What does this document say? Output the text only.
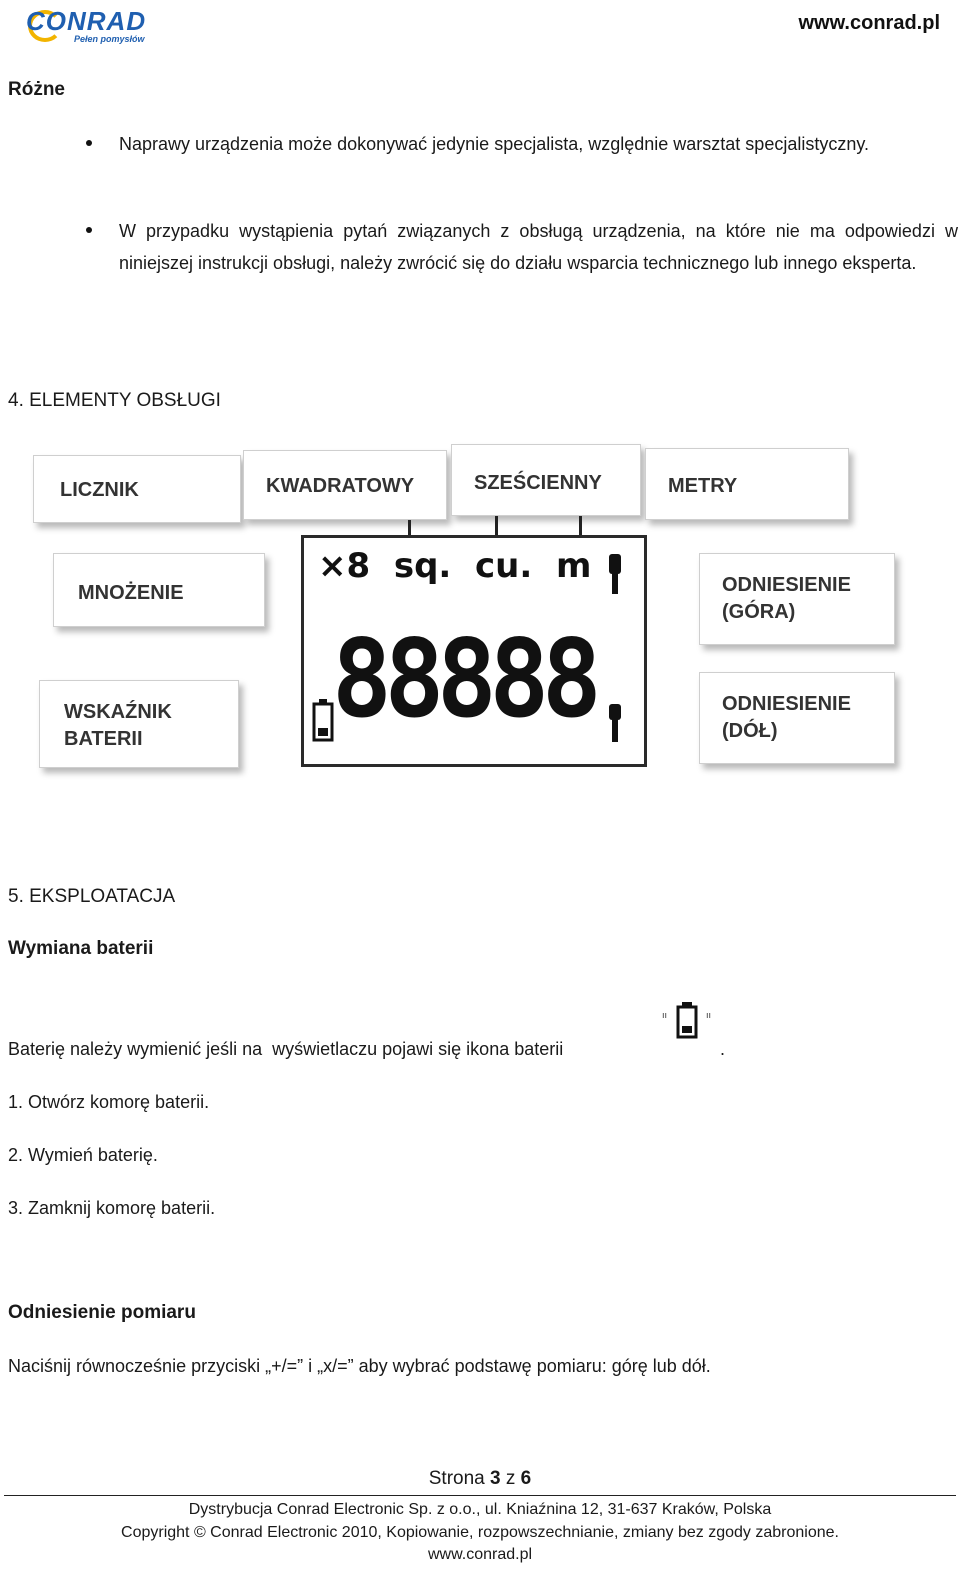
CONRAD
Pełen pomysłów
www.conrad.pl
Różne
Naprawy urządzenia może dokonywać jedynie specjalista, względnie warsztat specjalistyczny.
W przypadku wystąpienia pytań związanych z obsługą urządzenia, na które nie ma odpowiedzi w niniejszej instrukcji obsługi, należy zwrócić się do działu wsparcia technicznego lub innego eksperta.
4. ELEMENTY OBSŁUGI
LICZNIK	KWADRATOWY	SZEŚCIENNY	METRY
MNOŻENIE	ODNIESIENIE (GÓRA)
WSKAŹNIK BATERII
ODNIESIENIE (DÓŁ)
×8 sq. cu. m
88888
5. EKSPLOATACJA
Wymiana baterii
Baterię należy wymienić jeśli na  wyświetlaczu pojawi się ikona baterii
ıı	ıı
.
1. Otwórz komorę baterii.
2. Wymień baterię.
3. Zamknij komorę baterii.
Odniesienie pomiaru
Naciśnij równocześnie przyciski „+/=” i „x/=” aby wybrać podstawę pomiaru: górę lub dół.
Strona 3 z 6
Dystrybucja Conrad Electronic Sp. z o.o., ul. Kniaźnina 12, 31-637 Kraków, Polska
Copyright © Conrad Electronic 2010, Kopiowanie, rozpowszechnianie, zmiany bez zgody zabronione.
www.conrad.pl
